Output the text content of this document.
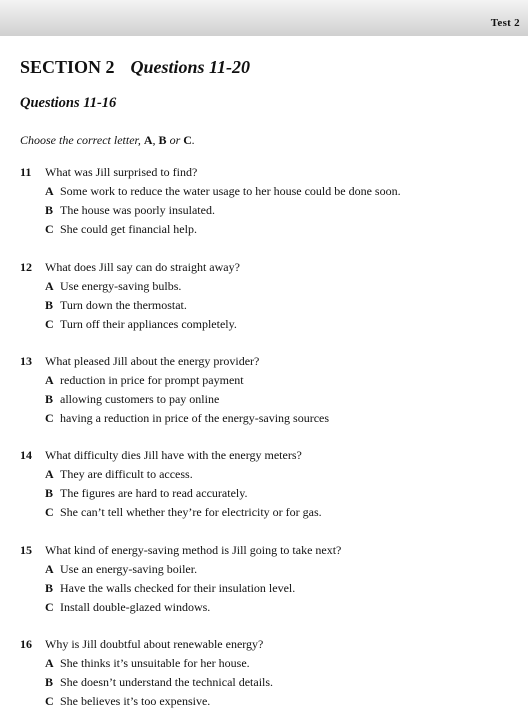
Test 2
SECTION 2 Questions 11-20
Questions 11-16
Choose the correct letter, A, B or C.
11 What was Jill surprised to find?
A Some work to reduce the water usage to her house could be done soon.
B The house was poorly insulated.
C She could get financial help.
12 What does Jill say can do straight away?
A Use energy-saving bulbs.
B Turn down the thermostat.
C Turn off their appliances completely.
13 What pleased Jill about the energy provider?
A reduction in price for prompt payment
B allowing customers to pay online
C having a reduction in price of the energy-saving sources
14 What difficulty dies Jill have with the energy meters?
A They are difficult to access.
B The figures are hard to read accurately.
C She can’t tell whether they’re for electricity or for gas.
15 What kind of energy-saving method is Jill going to take next?
A Use an energy-saving boiler.
B Have the walls checked for their insulation level.
C Install double-glazed windows.
16 Why is Jill doubtful about renewable energy?
A She thinks it’s unsuitable for her house.
B She doesn’t understand the technical details.
C She believes it’s too expensive.
